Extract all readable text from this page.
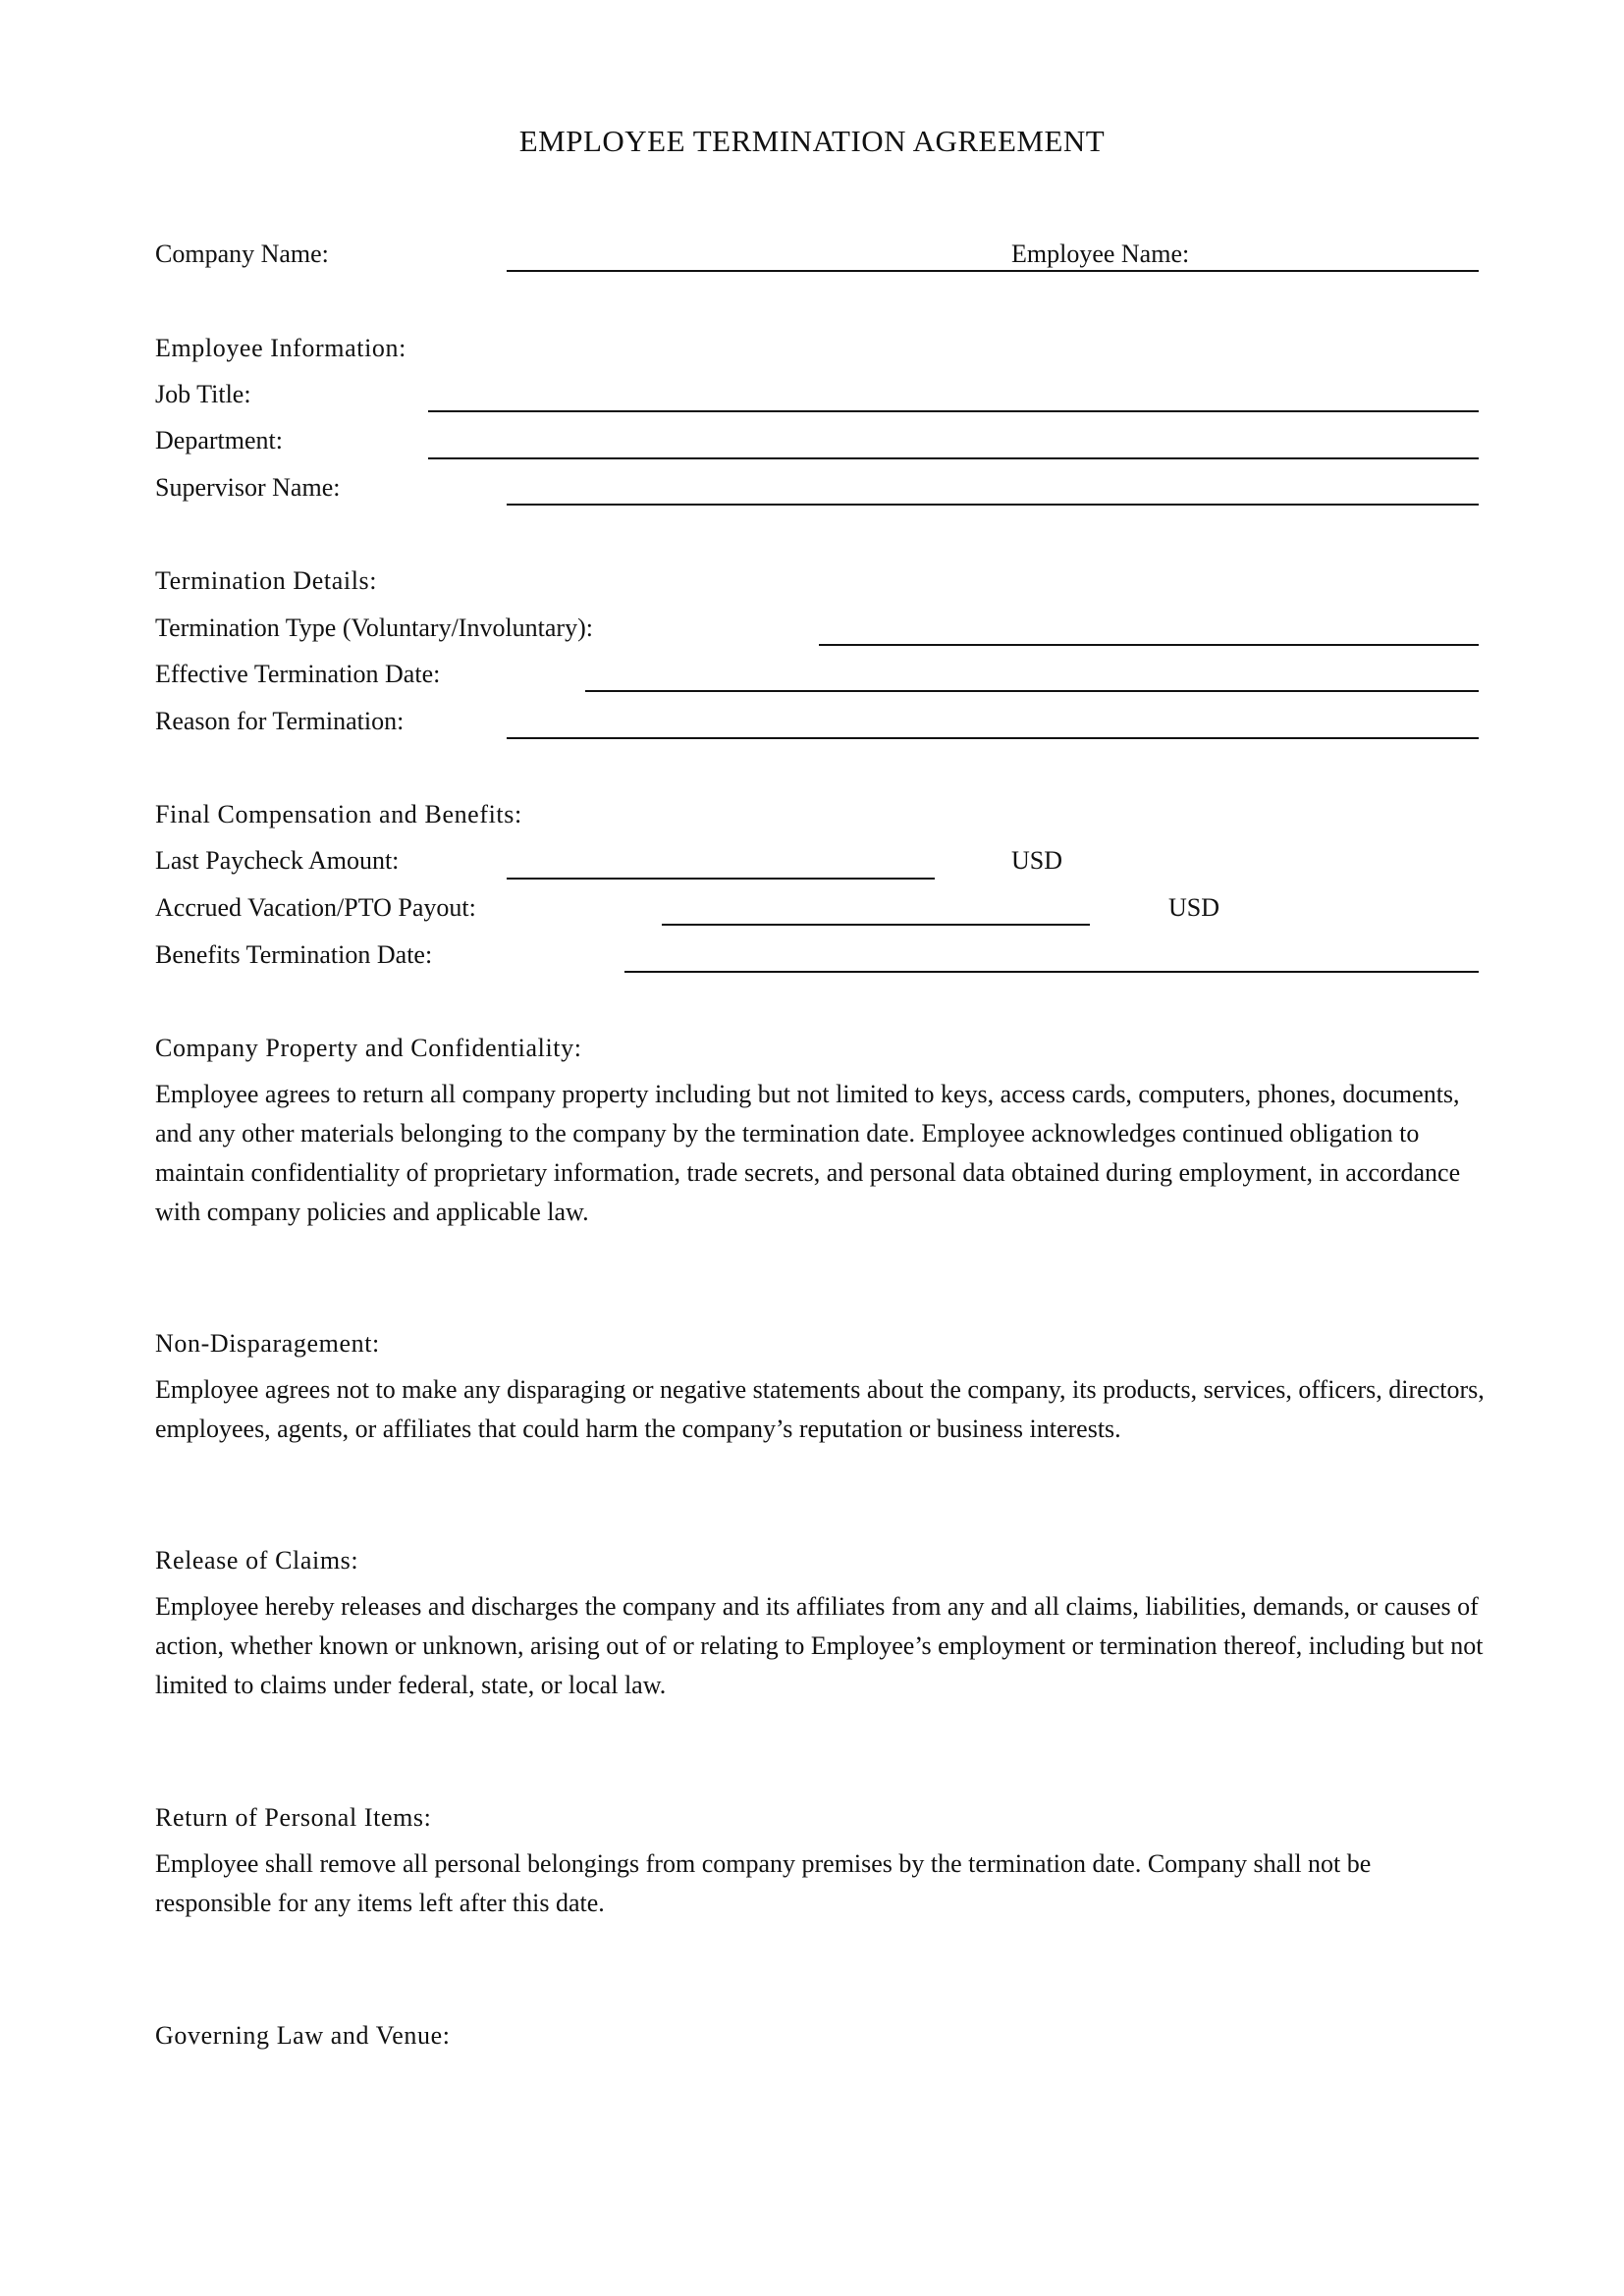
EMPLOYEE TERMINATION AGREEMENT
Company Name:	Employee Name:
Employee Information:
Job Title:
Department:
Supervisor Name:
Termination Details:
Termination Type (Voluntary/Involuntary):
Effective Termination Date:
Reason for Termination:
Final Compensation and Benefits:
Last Paycheck Amount:	USD
Accrued Vacation/PTO Payout:	USD
Benefits Termination Date:
Company Property and Confidentiality:
Employee agrees to return all company property including but not limited to keys, access cards, computers, phones, documents, and any other materials belonging to the company by the termination date. Employee acknowledges continued obligation to maintain confidentiality of proprietary information, trade secrets, and personal data obtained during employment, in accordance with company policies and applicable law.
Non-Disparagement:
Employee agrees not to make any disparaging or negative statements about the company, its products, services, officers, directors, employees, agents, or affiliates that could harm the company’s reputation or business interests.
Release of Claims:
Employee hereby releases and discharges the company and its affiliates from any and all claims, liabilities, demands, or causes of action, whether known or unknown, arising out of or relating to Employee’s employment or termination thereof, including but not limited to claims under federal, state, or local law.
Return of Personal Items:
Employee shall remove all personal belongings from company premises by the termination date. Company shall not be responsible for any items left after this date.
Governing Law and Venue:
